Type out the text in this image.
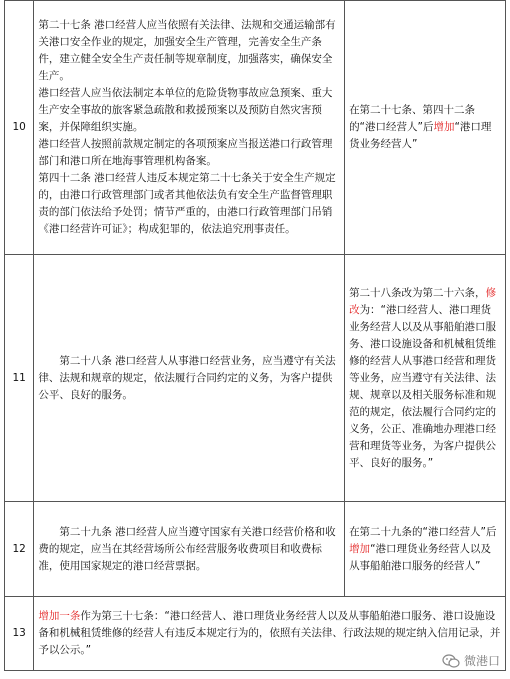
10	第二十七条 港口经营人应当依照有关法律、法规和交通运输部有关港口安全作业的规定，加强安全生产管理，完善安全生产条件，建立健全安全生产责任制等规章制度，加强落实，确保安全生产。

港口经营人应当依法制定本单位的危险货物事故应急预案、重大生产安全事故的旅客紧急疏散和救援预案以及预防自然灾害预案，并保障组织实施。

港口经营人按照前款规定制定的各项预案应当报送港口行政管理部门和港口所在地海事管理机构备案。

第四十二条 港口经营人违反本规定第二十七条关于安全生产规定的，由港口行政管理部门或者其他依法负有安全生产监督管理职责的部门依法给予处罚；情节严重的，由港口行政管理部门吊销《港口经营许可证》；构成犯罪的，依法追究刑事责任。	在第二十七条、第四十二条的“港口经营人”后增加“港口理货业务经营人”
11	第二十八条 港口经营人从事港口经营业务，应当遵守有关法律、法规和规章的规定，依法履行合同约定的义务，为客户提供公平、良好的服务。	第二十八条改为第二十六条，修改为：“港口经营人、港口理货业务经营人以及从事船舶港口服务、港口设施设备和机械租赁维修的经营人从事港口经营和理货等业务，应当遵守有关法律、法规、规章以及相关服务标准和规范的规定，依法履行合同约定的义务，公正、准确地办理港口经营和理货等业务，为客户提供公平、良好的服务。”
12	第二十九条 港口经营人应当遵守国家有关港口经营价格和收费的规定，应当在其经营场所公布经营服务收费项目和收费标准，使用国家规定的港口经营票据。	在第二十九条的“港口经营人”后增加“港口理货业务经营人以及从事船舶港口服务的经营人”
13	增加一条作为第三十七条：“港口经营人、港口理货业务经营人以及从事船舶港口服务、港口设施设备和机械租赁维修的经营人有违反本规定行为的，依照有关法律、行政法规的规定纳入信用记录，并予以公示。”	
微港口
